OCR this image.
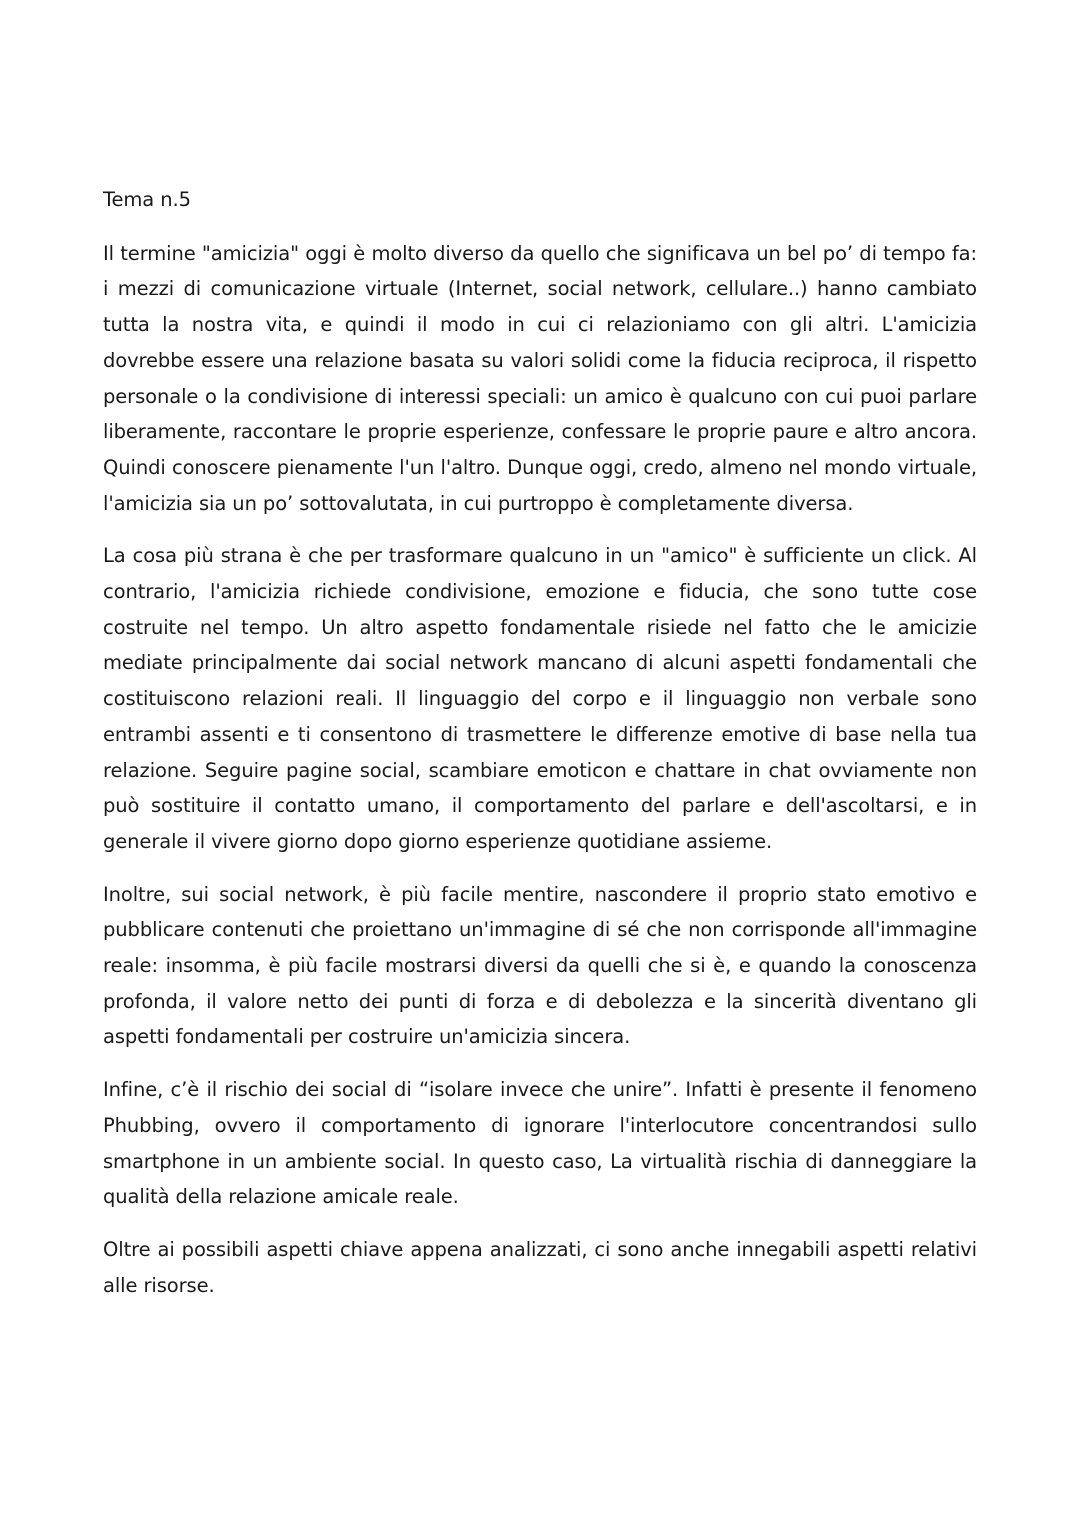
Tema n.5

Il termine "amicizia" oggi è molto diverso da quello che significava un bel po’ di tempo fa: i mezzi di comunicazione virtuale (Internet, social network, cellulare..) hanno cambiato tutta la nostra vita, e quindi il modo in cui ci relazioniamo con gli altri. L'amicizia dovrebbe essere una relazione basata su valori solidi come la fiducia reciproca, il rispetto personale o la condivisione di interessi speciali: un amico è qualcuno con cui puoi parlare liberamente, raccontare le proprie esperienze, confessare le proprie paure e altro ancora. Quindi conoscere pienamente l'un l'altro. Dunque oggi, credo, almeno nel mondo virtuale, l'amicizia sia un po’ sottovalutata, in cui purtroppo è completamente diversa.

La cosa più strana è che per trasformare qualcuno in un "amico" è sufficiente un click. Al contrario, l'amicizia richiede condivisione, emozione e fiducia, che sono tutte cose costruite nel tempo. Un altro aspetto fondamentale risiede nel fatto che le amicizie mediate principalmente dai social network mancano di alcuni aspetti fondamentali che costituiscono relazioni reali. Il linguaggio del corpo e il linguaggio non verbale sono entrambi assenti e ti consentono di trasmettere le differenze emotive di base nella tua relazione. Seguire pagine social, scambiare emoticon e chattare in chat ovviamente non può sostituire il contatto umano, il comportamento del parlare e dell'ascoltarsi, e in generale il vivere giorno dopo giorno esperienze quotidiane assieme.

Inoltre, sui social network, è più facile mentire, nascondere il proprio stato emotivo e pubblicare contenuti che proiettano un'immagine di sé che non corrisponde all'immagine reale: insomma, è più facile mostrarsi diversi da quelli che si è, e quando la conoscenza profonda, il valore netto dei punti di forza e di debolezza e la sincerità diventano gli aspetti fondamentali per costruire un'amicizia sincera.

Infine, c’è il rischio dei social di “isolare invece che unire”. Infatti è presente il fenomeno Phubbing, ovvero il comportamento di ignorare l'interlocutore concentrandosi sullo smartphone in un ambiente social. In questo caso, La virtualità rischia di danneggiare la qualità della relazione amicale reale.

Oltre ai possibili aspetti chiave appena analizzati, ci sono anche innegabili aspetti relativi alle risorse.
